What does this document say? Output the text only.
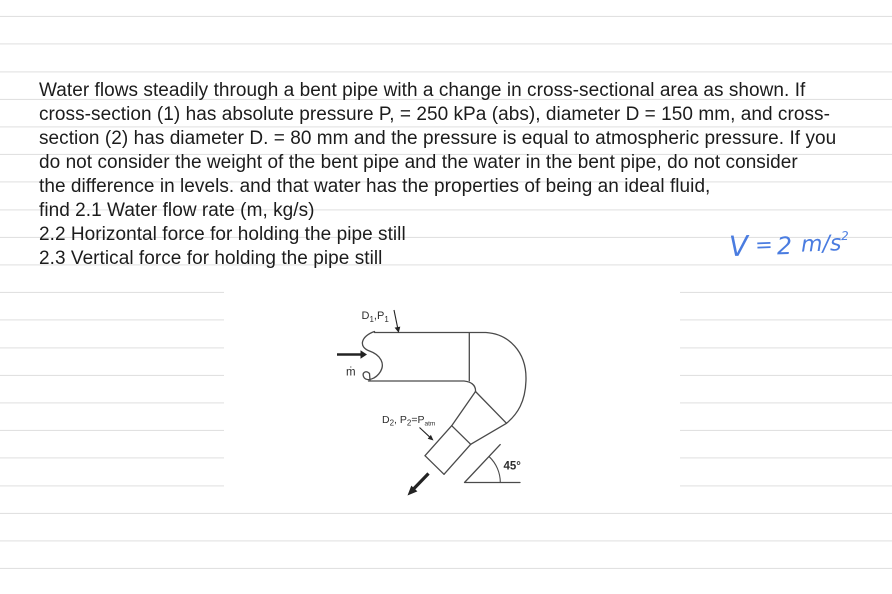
Water flows steadily through a bent pipe with a change in cross-sectional area as shown. If
cross-section (1) has absolute pressure P, = 250 kPa (abs), diameter D = 150 mm, and cross-
section (2) has diameter D. = 80 mm and the pressure is equal to atmospheric pressure. If you
do not consider the weight of the bent pipe and the water in the bent pipe, do not consider
the difference in levels. and that water has the properties of being an ideal fluid,
find 2.1 Water flow rate (m, kg/s)
2.2 Horizontal force for holding the pipe still
2.3 Vertical force for holding the pipe still	V = 2 $m/s^2$
$D_1,P_1$
ṁ
$D_2$, $P_2=P_{atm}$
45°
